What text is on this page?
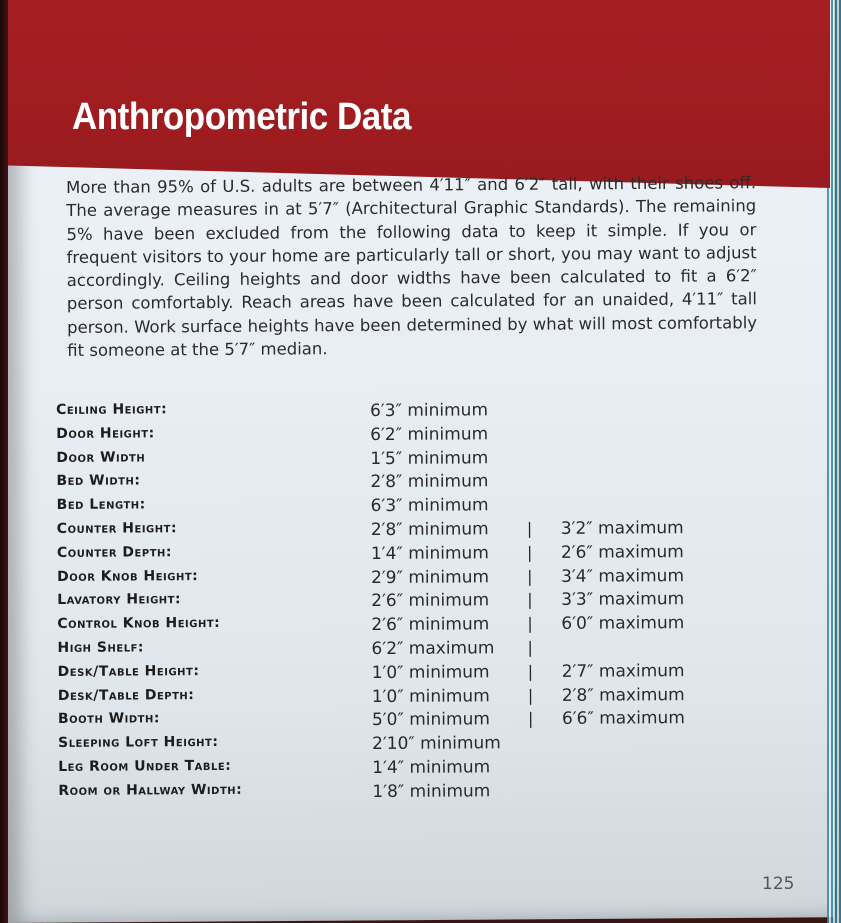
Anthropometric Data

More than 95% of U.S. adults are between 4′11″ and 6′2″ tall, with their shoes off. The average measures in at 5′7″ (Architectural Graphic Standards). The remaining 5% have been excluded from the following data to keep it simple. If you or frequent visitors to your home are particularly tall or short, you may want to adjust accordingly. Ceiling heights and door widths have been calculated to fit a 6′2″ person comfortably. Reach areas have been calculated for an unaided, 4′11″ tall person. Work surface heights have been determined by what will most comfortably fit someone at the 5′7″ median.

Ceiling Height:	6′3″ minimum
Door Height:	6′2″ minimum
Door Width	1′5″ minimum
Bed Width:	2′8″ minimum
Bed Length:	6′3″ minimum
Counter Height:	2′8″ minimum | 3′2″ maximum
Counter Depth:	1′4″ minimum | 2′6″ maximum
Door Knob Height:	2′9″ minimum | 3′4″ maximum
Lavatory Height:	2′6″ minimum | 3′3″ maximum
Control Knob Height:	2′6″ minimum | 6′0″ maximum
High Shelf:	6′2″ maximum |
Desk/Table Height:	1′0″ minimum | 2′7″ maximum
Desk/Table Depth:	1′0″ minimum | 2′8″ maximum
Booth Width:	5′0″ minimum | 6′6″ maximum
Sleeping Loft Height:	2′10″ minimum
Leg Room Under Table:	1′4″ minimum
Room or Hallway Width:	1′8″ minimum
125
